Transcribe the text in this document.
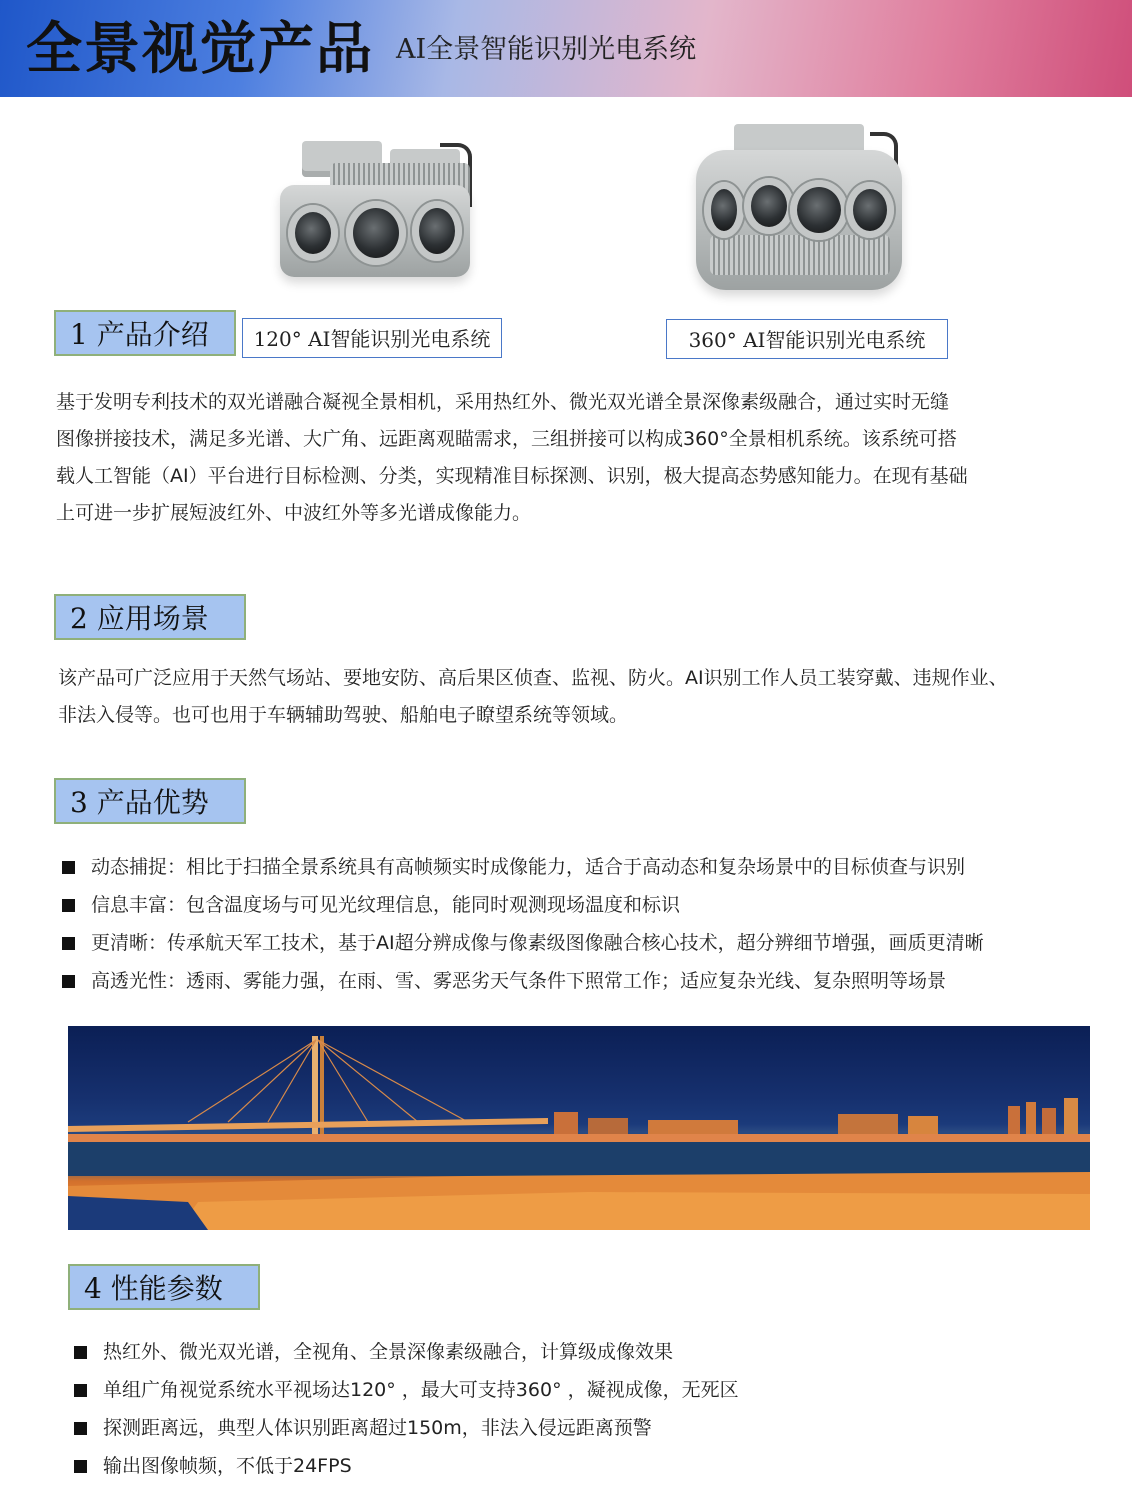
全景视觉产品 AI全景智能识别光电系统
1 产品介绍	120° AI智能识别光电系统	360° AI智能识别光电系统

基于发明专利技术的双光谱融合凝视全景相机，采用热红外、微光双光谱全景深像素级融合，通过实时无缝

图像拼接技术，满足多光谱、大广角、远距离观瞄需求，三组拼接可以构成360°全景相机系统。该系统可搭

载人工智能（AI）平台进行目标检测、分类，实现精准目标探测、识别，极大提高态势感知能力。在现有基础

上可进一步扩展短波红外、中波红外等多光谱成像能力。

2 应用场景

该产品可广泛应用于天然气场站、要地安防、高后果区侦查、监视、防火。AI识别工作人员工装穿戴、违规作业、

非法入侵等。也可也用于车辆辅助驾驶、船舶电子瞭望系统等领域。

3 产品优势
动态捕捉：相比于扫描全景系统具有高帧频实时成像能力，适合于高动态和复杂场景中的目标侦查与识别
信息丰富：包含温度场与可见光纹理信息，能同时观测现场温度和标识
更清晰：传承航天军工技术，基于AI超分辨成像与像素级图像融合核心技术，超分辨细节增强，画质更清晰
高透光性：透雨、雾能力强，在雨、雪、雾恶劣天气条件下照常工作；适应复杂光线、复杂照明等场景
4 性能参数
热红外、微光双光谱，全视角、全景深像素级融合，计算级成像效果
单组广角视觉系统水平视场达120° ，最大可支持360° ，凝视成像，无死区
探测距离远，典型人体识别距离超过150m，非法入侵远距离预警
输出图像帧频，不低于24FPS
